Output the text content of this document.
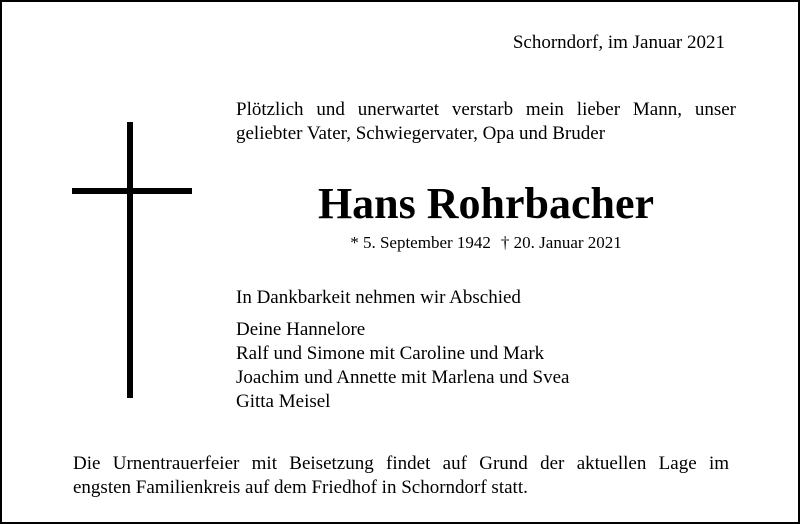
Schorndorf, im Januar 2021
Plötzlich und unerwartet verstarb mein lieber Mann, unser
geliebter Vater, Schwiegervater, Opa und Bruder
Hans Rohrbacher
* 5. September 1942 † 20. Januar 2021
In Dankbarkeit nehmen wir Abschied
Deine Hannelore
Ralf und Simone mit Caroline und Mark
Joachim und Annette mit Marlena und Svea
Gitta Meisel
Die Urnentrauerfeier mit Beisetzung findet auf Grund der aktuellen Lage im
engsten Familienkreis auf dem Friedhof in Schorndorf statt.
